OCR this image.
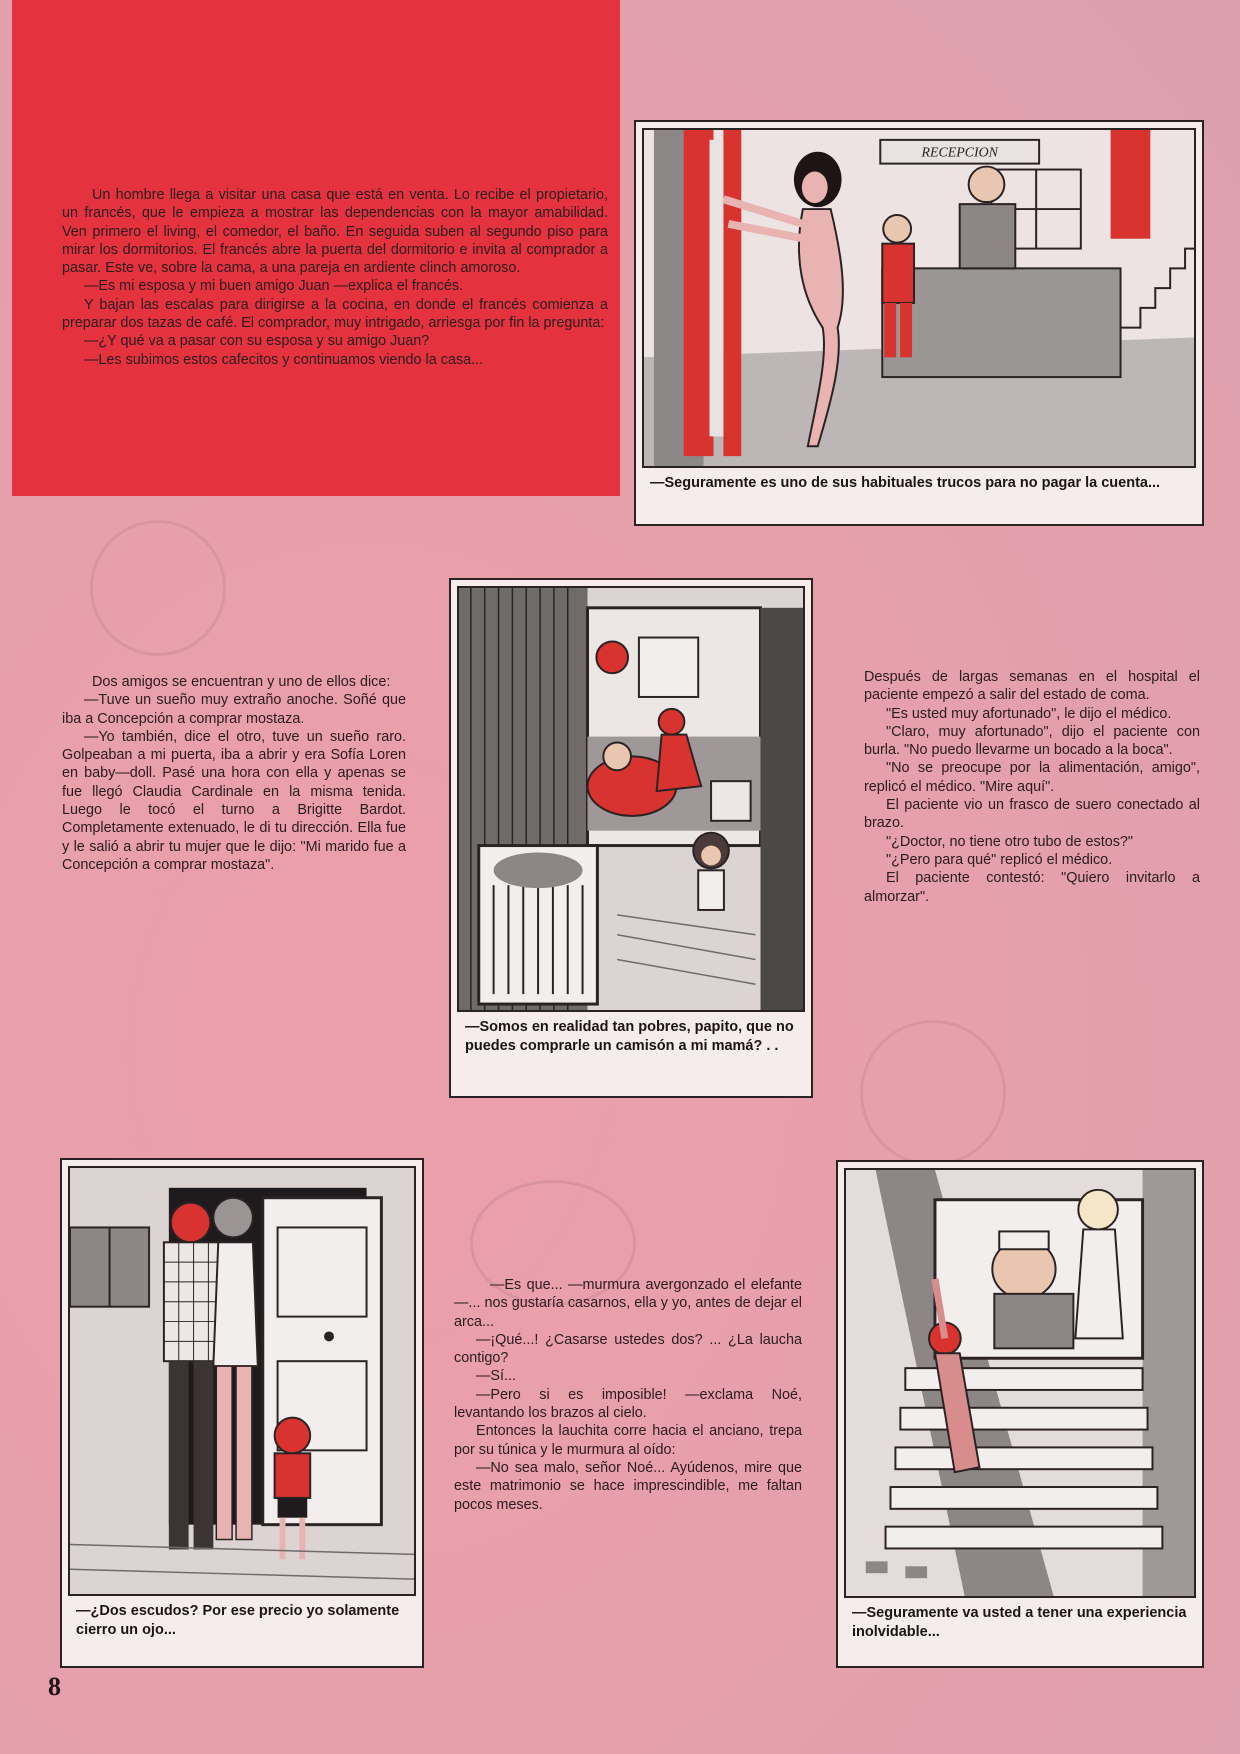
Un hombre llega a visitar una casa que está en venta. Lo recibe el propietario, un francés, que le empieza a mostrar las dependencias con la mayor amabilidad. Ven primero el living, el comedor, el baño. En seguida suben al segundo piso para mirar los dormitorios. El francés abre la puerta del dormitorio e invita al comprador a pasar. Este ve, sobre la cama, a una pareja en ardiente clinch amoroso.

—Es mi esposa y mi buen amigo Juan —explica el francés.

Y bajan las escalas para dirigirse a la cocina, en donde el francés comienza a preparar dos tazas de café. El comprador, muy intrigado, arriesga por fin la pregunta:

—¿Y qué va a pasar con su esposa y su amigo Juan?

—Les subimos estos cafecitos y continuamos viendo la casa...

RECEPCION
—Seguramente es uno de sus habituales trucos para no pagar la cuenta...
—Somos en realidad tan pobres, papito, que no puedes comprarle un camisón a mi mamá? . .

Dos amigos se encuentran y uno de ellos dice:

—Tuve un sueño muy extraño anoche. Soñé que iba a Concepción a comprar mostaza.

—Yo también, dice el otro, tuve un sueño raro. Golpeaban a mi puerta, iba a abrir y era Sofía Loren en baby—doll. Pasé una hora con ella y apenas se fue llegó Claudia Cardinale en la misma tenida. Luego le tocó el turno a Brigitte Bardot. Completamente extenuado, le di tu dirección. Ella fue y le salió a abrir tu mujer que le dijo: "Mi marido fue a Concepción a comprar mostaza".

Después de largas semanas en el hospital el paciente empezó a salir del estado de coma.

"Es usted muy afortunado", le dijo el médico.

"Claro, muy afortunado", dijo el paciente con burla. "No puedo llevarme un bocado a la boca".

"No se preocupe por la alimentación, amigo", replicó el médico. "Mire aquí".

El paciente vio un frasco de suero conectado al brazo.

"¿Doctor, no tiene otro tubo de estos?"

"¿Pero para qué" replicó el médico.

El paciente contestó: "Quiero invitarlo a almorzar".

—¿Dos escudos? Por ese precio yo solamente cierro un ojo...

—Es que... —murmura avergonzado el elefante—... nos gustaría casarnos, ella y yo, antes de dejar el arca...

—¡Qué...! ¿Casarse ustedes dos? ... ¿La laucha contigo?

—Sí...

—Pero si es imposible! —exclama Noé, levantando los brazos al cielo.

Entonces la lauchita corre hacia el anciano, trepa por su túnica y le murmura al oído:

—No sea malo, señor Noé... Ayúdenos, mire que este matrimonio se hace imprescindible, me faltan pocos meses.

—Seguramente va usted a tener una experiencia inolvidable...
8
